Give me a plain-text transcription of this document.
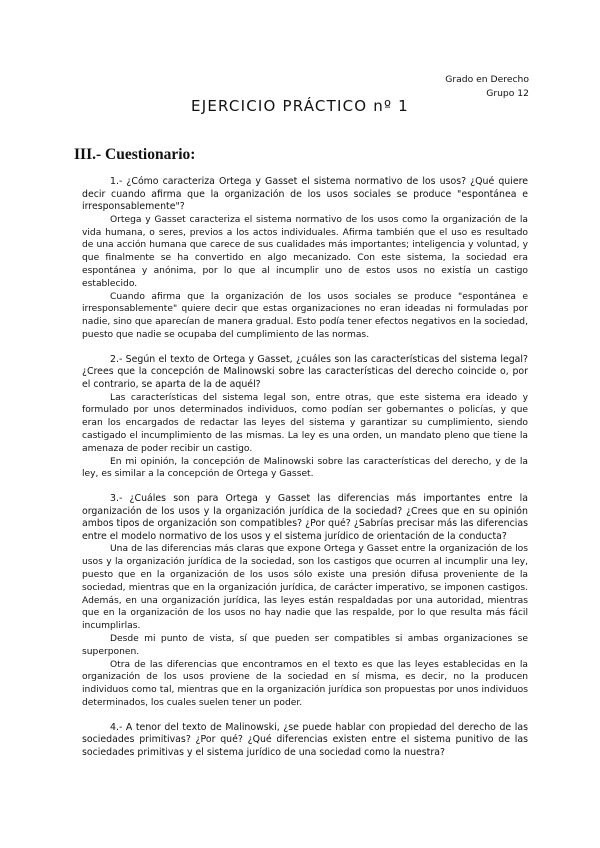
Grado en Derecho
Grupo 12
EJERCICIO PRÁCTICO nº 1
III.- Cuestionario:

1.- ¿Cómo caracteriza Ortega y Gasset el sistema normativo de los usos? ¿Qué quiere decir cuando afirma que la organización de los usos sociales se produce "espontánea e irresponsablemente"?

Ortega y Gasset caracteriza el sistema normativo de los usos como la organización de la vida humana, o seres, previos a los actos individuales. Afirma también que el uso es resultado de una acción humana que carece de sus cualidades más importantes; inteligencia y voluntad, y que finalmente se ha convertido en algo mecanizado. Con este sistema, la sociedad era espontánea y anónima, por lo que al incumplir uno de estos usos no existía un castigo establecido.

Cuando afirma que la organización de los usos sociales se produce "espontánea e irresponsablemente" quiere decir que estas organizaciones no eran ideadas ni formuladas por nadie, sino que aparecían de manera gradual. Esto podía tener efectos negativos en la sociedad, puesto que nadie se ocupaba del cumplimiento de las normas.

2.- Según el texto de Ortega y Gasset, ¿cuáles son las características del sistema legal? ¿Crees que la concepción de Malinowski sobre las características del derecho coincide o, por el contrario, se aparta de la de aquél?

Las características del sistema legal son, entre otras, que este sistema era ideado y formulado por unos determinados individuos, como podían ser gobernantes o policías, y que eran los encargados de redactar las leyes del sistema y garantizar su cumplimiento, siendo castigado el incumplimiento de las mismas. La ley es una orden, un mandato pleno que tiene la amenaza de poder recibir un castigo.

En mi opinión, la concepción de Malinowski sobre las características del derecho, y de la ley, es similar a la concepción de Ortega y Gasset.

3.- ¿Cuáles son para Ortega y Gasset las diferencias más importantes entre la organización de los usos y la organización jurídica de la sociedad? ¿Crees que en su opinión ambos tipos de organización son compatibles? ¿Por qué? ¿Sabrías precisar más las diferencias entre el modelo normativo de los usos y el sistema jurídico de orientación de la conducta?

Una de las diferencias más claras que expone Ortega y Gasset entre la organización de los usos y la organización jurídica de la sociedad, son los castigos que ocurren al incumplir una ley, puesto que en la organización de los usos sólo existe una presión difusa proveniente de la sociedad, mientras que en la organización jurídica, de carácter imperativo, se imponen castigos. Además, en una organización jurídica, las leyes están respaldadas por una autoridad, mientras que en la organización de los usos no hay nadie que las respalde, por lo que resulta más fácil incumplirlas.

Desde mi punto de vista, sí que pueden ser compatibles si ambas organizaciones se superponen.

Otra de las diferencias que encontramos en el texto es que las leyes establecidas en la organización de los usos proviene de la sociedad en sí misma, es decir, no la producen individuos como tal, mientras que en la organización jurídica son propuestas por unos individuos determinados, los cuales suelen tener un poder.

4.- A tenor del texto de Malinowski, ¿se puede hablar con propiedad del derecho de las sociedades primitivas? ¿Por qué? ¿Qué diferencias existen entre el sistema punitivo de las sociedades primitivas y el sistema jurídico de una sociedad como la nuestra?
